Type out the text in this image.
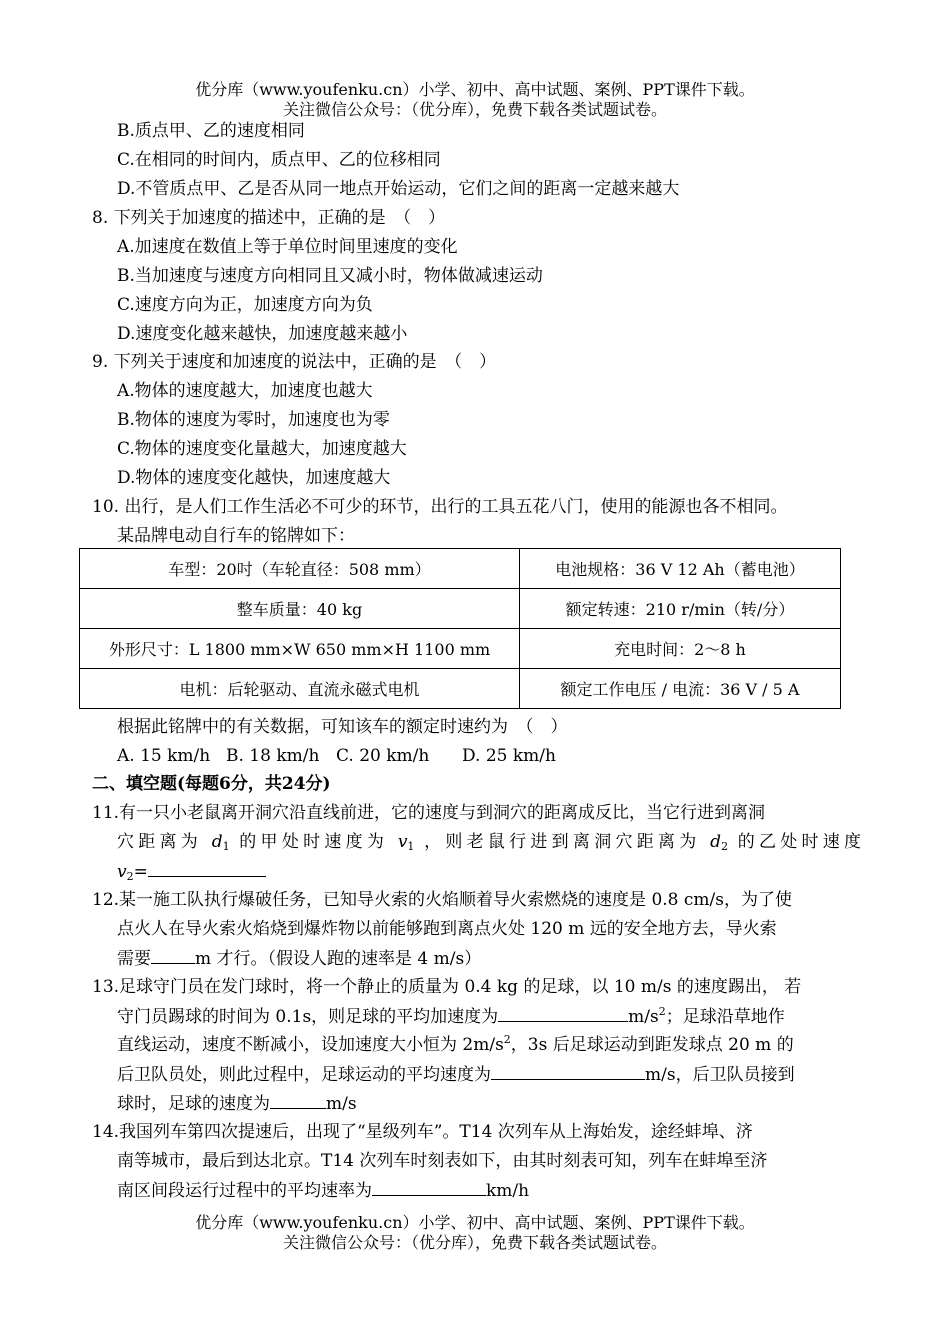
优分库（www.youfenku.cn）小学、初中、高中试题、案例、PPT课件下载。
关注微信公众号：（优分库），免费下载各类试题试卷。
B.质点甲、乙的速度相同
C.在相同的时间内，质点甲、乙的位移相同
D.不管质点甲、乙是否从同一地点开始运动，它们之间的距离一定越来越大
8. 下列关于加速度的描述中，正确的是　（　）
A.加速度在数值上等于单位时间里速度的变化
B.当加速度与速度方向相同且又减小时，物体做减速运动
C.速度方向为正，加速度方向为负
D.速度变化越来越快，加速度越来越小
9. 下列关于速度和加速度的说法中，正确的是　（　）
A.物体的速度越大，加速度也越大
B.物体的速度为零时，加速度也为零
C.物体的速度变化量越大，加速度越大
D.物体的速度变化越快，加速度越大
10. 出行，是人们工作生活必不可少的环节，出行的工具五花八门，使用的能源也各不相同。
某品牌电动自行车的铭牌如下：
车型：20吋（车轮直径：508 mm）	电池规格：36 V 12 Ah（蓄电池）
整车质量：40 kg	额定转速：210 r/min（转/分）
外形尺寸：L 1800 mm×W 650 mm×H 1100 mm	充电时间：2～8 h
电机：后轮驱动、直流永磁式电机	额定工作电压 / 电流：36 V / 5 A
根据此铭牌中的有关数据，可知该车的额定时速约为　（　）
A. 15 km/h B. 18 km/h C. 20 km/h D. 25 km/h
二、填空题(每题6分，共24分)
11.有一只小老鼠离开洞穴沿直线前进，它的速度与到洞穴的距离成反比，当它行进到离洞
穴距离为 $d_1$ 的甲处时速度为 $v_1$ ，则老鼠行进到离洞穴距离为 $d_2$ 的乙处时速度
$v_2=$
12.某一施工队执行爆破任务，已知导火索的火焰顺着导火索燃烧的速度是 0.8 cm/s，为了使
点火人在导火索火焰烧到爆炸物以前能够跑到离点火处 120 m 远的安全地方去，导火索
需要	m 才行。（假设人跑的速率是 4 m/s）
13.足球守门员在发门球时，将一个静止的质量为 0.4 kg 的足球，以 10 m/s 的速度踢出， 若
守门员踢球的时间为 0.1s，则足球的平均加速度为	$m/s^2$；足球沿草地作
直线运动，速度不断减小，设加速度大小恒为 $2m/s^2$，3s 后足球运动到距发球点 20 m 的
后卫队员处，则此过程中，足球运动的平均速度为	m/s，后卫队员接到
球时，足球的速度为	m/s
14.我国列车第四次提速后，出现了“星级列车”。T14 次列车从上海始发，途经蚌埠、济
南等城市，最后到达北京。T14 次列车时刻表如下，由其时刻表可知，列车在蚌埠至济
南区间段运行过程中的平均速率为	km/h
优分库（www.youfenku.cn）小学、初中、高中试题、案例、PPT课件下载。
关注微信公众号：（优分库），免费下载各类试题试卷。
